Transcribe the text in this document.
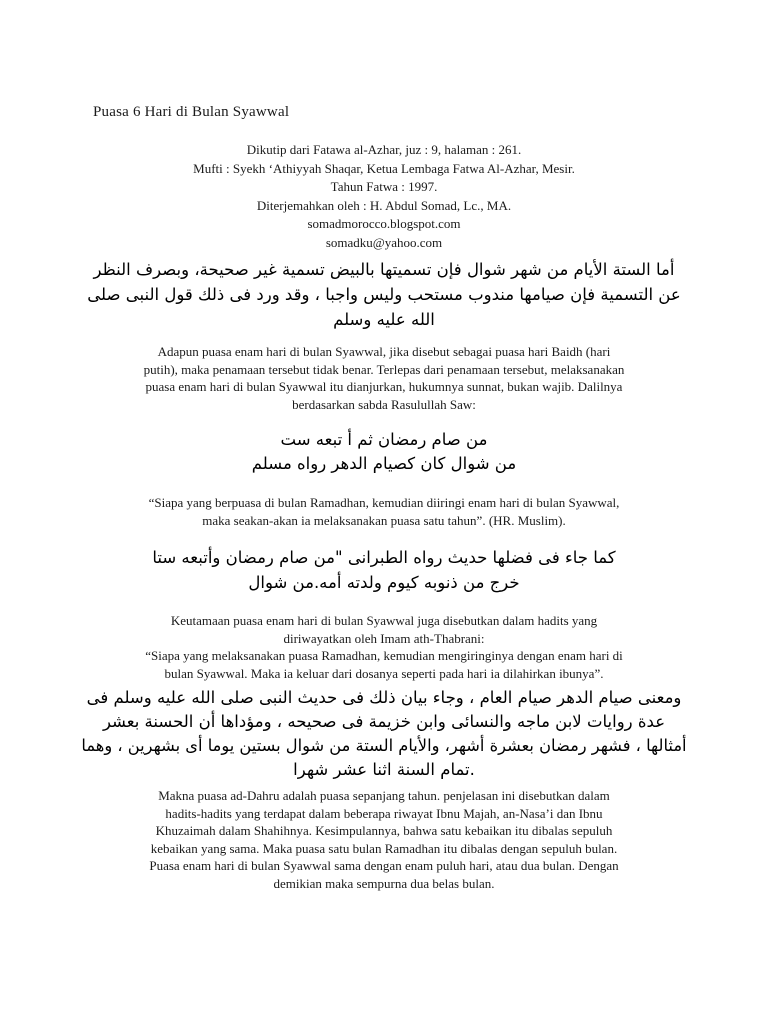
Puasa 6 Hari di Bulan Syawwal
Dikutip dari Fatawa al-Azhar, juz : 9, halaman : 261.
Mufti : Syekh ‘Athiyyah Shaqar, Ketua Lembaga Fatwa Al-Azhar, Mesir.
Tahun Fatwa : 1997.
Diterjemahkan oleh : H. Abdul Somad, Lc., MA.
somadmorocco.blogspot.com
somadku@yahoo.com
أما الستة الأيام من شهر شوال فإن تسميتها بالبيض تسمية غير صحيحة، وبصرف النظر
عن التسمية فإن صيامها مندوب مستحب وليس واجبا ، وقد ورد فى ذلك قول النبى صلى
الله عليه وسلم
Adapun puasa enam hari di bulan Syawwal, jika disebut sebagai puasa hari Baidh (hari
putih), maka penamaan tersebut tidak benar. Terlepas dari penamaan tersebut, melaksanakan
puasa enam hari di bulan Syawwal itu dianjurkan, hukumnya sunnat, bukan wajib. Dalilnya
berdasarkan sabda Rasulullah Saw:
من صام رمضان ثم أ تبعه ست
من شوال كان كصيام الدهر رواه مسلم
“Siapa yang berpuasa di bulan Ramadhan, kemudian diiringi enam hari di bulan Syawwal,
maka seakan-akan ia melaksanakan puasa satu tahun”. (HR. Muslim).
كما جاء فى فضلها حديث رواه الطبرانى "من صام رمضان وأتبعه ستا
خرج من ذنوبه كيوم ولدته أمه.من شوال
Keutamaan puasa enam hari di bulan Syawwal juga disebutkan dalam hadits yang
diriwayatkan oleh Imam ath-Thabrani:
“Siapa yang melaksanakan puasa Ramadhan, kemudian mengiringinya dengan enam hari di
bulan Syawwal. Maka ia keluar dari dosanya seperti pada hari ia dilahirkan ibunya”.
ومعنى صيام الدهر صيام العام ، وجاء بيان ذلك فى حديث النبى صلى الله عليه وسلم فى
عدة روايات لابن ماجه والنسائى وابن خزيمة فى صحيحه ، ومؤداها أن الحسنة بعشر
أمثالها ، فشهر رمضان بعشرة أشهر، والأيام الستة من شوال بستين يوما أى بشهرين ، وهما
.تمام السنة اثنا عشر شهرا
Makna puasa ad-Dahru adalah puasa sepanjang tahun. penjelasan ini disebutkan dalam
hadits-hadits yang terdapat dalam beberapa riwayat Ibnu Majah, an-Nasa’i dan Ibnu
Khuzaimah dalam Shahihnya. Kesimpulannya, bahwa satu kebaikan itu dibalas sepuluh
kebaikan yang sama. Maka puasa satu bulan Ramadhan itu dibalas dengan sepuluh bulan.
Puasa enam hari di bulan Syawwal sama dengan enam puluh hari, atau dua bulan. Dengan
demikian maka sempurna dua belas bulan.
